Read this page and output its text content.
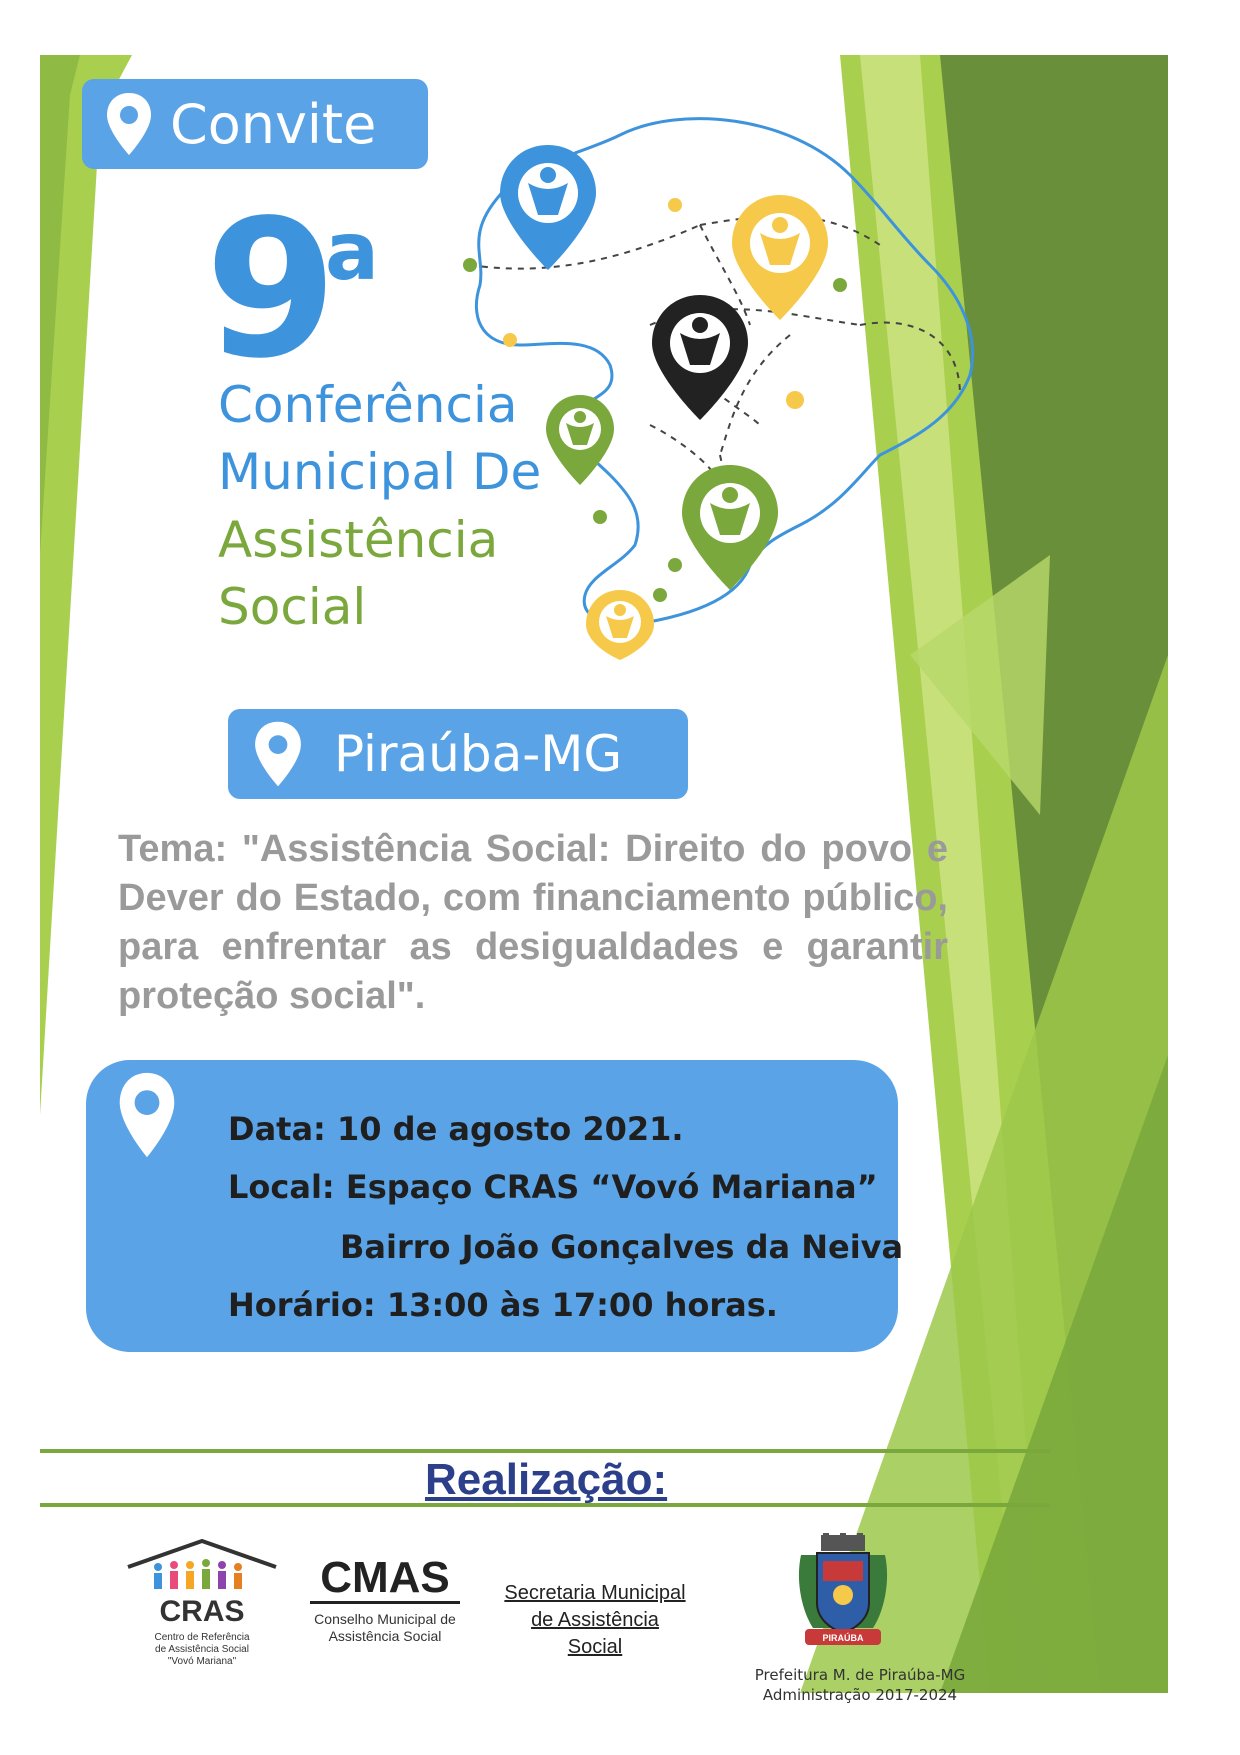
Convite
9
a
Conferência
Municipal De
Assistência
Social
Piraúba-MG
Tema: "Assistência Social: Direito do povo e Dever do Estado, com financiamento público, para enfrentar as desigualdades e garantir proteção social".
Data: 10 de agosto 2021.
Local: Espaço CRAS “Vovó Mariana”
Bairro João Gonçalves da Neiva
Horário: 13:00 às 17:00 horas.
Realização:
CRAS
Centro de Referência
de Assistência Social
"Vovó Mariana"
CMAS
Conselho Municipal de
Assistência Social
Secretaria Municipal
de Assistência
Social	PIRAÚBA
Prefeitura M. de Piraúba-MG
Administração 2017-2024
